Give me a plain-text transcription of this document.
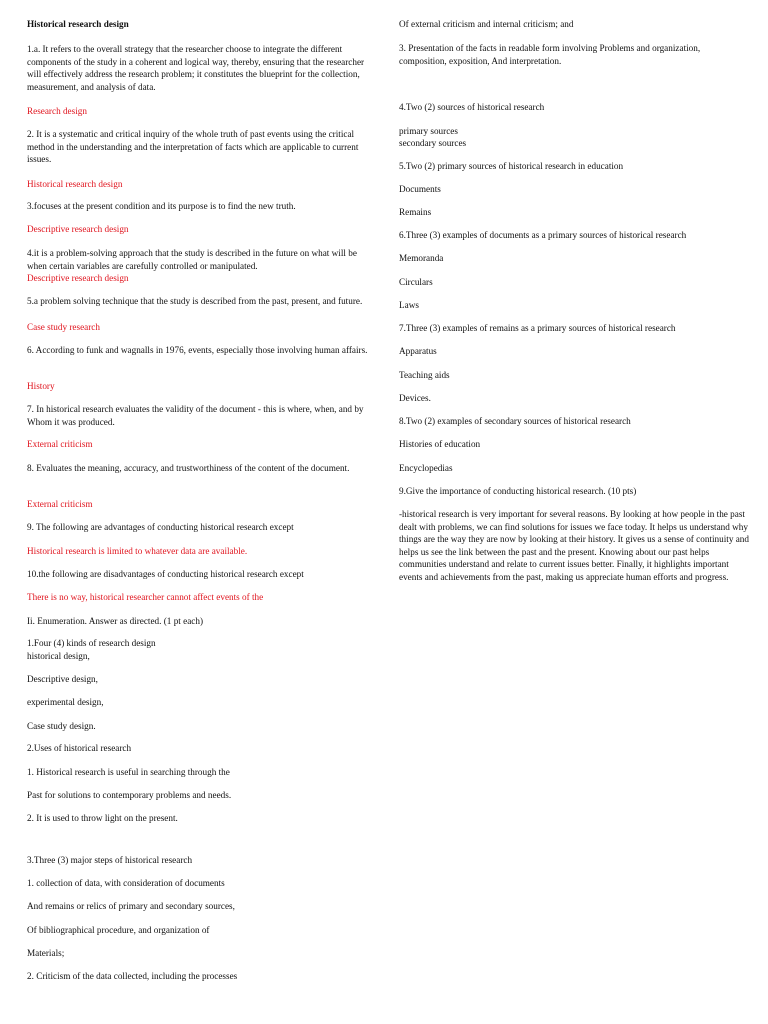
Historical research design

1.a. It refers to the overall strategy that the researcher choose to integrate the different components of the study in a coherent and logical way, thereby, ensuring that the researcher will effectively address the research problem; it constitutes the blueprint for the collection, measurement, and analysis of data.

Research design

2. It is a systematic and critical inquiry of the whole truth of past events using the critical method in the understanding and the interpretation of facts which are applicable to current issues.

Historical research design

3.focuses at the present condition and its purpose is to find the new truth.

Descriptive research design

4.it is a problem-solving approach that the study is described in the future on what will be when certain variables are carefully controlled or manipulated.

Descriptive research design

5.a problem solving technique that the study is described from the past, present, and future.

Case study research

6. According to funk and wagnalls in 1976, events, especially those involving human affairs.

History

7. In historical research evaluates the validity of the document - this is where, when, and by Whom it was produced.

External criticism

8. Evaluates the meaning, accuracy, and trustworthiness of the content of the document.

External criticism

9. The following are advantages of conducting historical research except

Historical research is limited to whatever data are available.

10.the following are disadvantages of conducting historical research except

There is no way, historical researcher cannot affect events of the

Ii. Enumeration. Answer as directed. (1 pt each)

1.Four (4) kinds of research design

historical design,

Descriptive design,

experimental design,

Case study design.

2.Uses of historical research

1. Historical research is useful in searching through the

Past for solutions to contemporary problems and needs.

2. It is used to throw light on the present.

3.Three (3) major steps of historical research

1. collection of data, with consideration of documents

And remains or relics of primary and secondary sources,

Of bibliographical procedure, and organization of

Materials;

2. Criticism of the data collected, including the processes

Of external criticism and internal criticism; and

3. Presentation of the facts in readable form involving Problems and organization, composition, exposition, And interpretation.

4.Two (2) sources of historical research

primary sources

secondary sources

5.Two (2) primary sources of historical research in education

Documents

Remains

6.Three (3) examples of documents as a primary sources of historical research

Memoranda

Circulars

Laws

7.Three (3) examples of remains as a primary sources of historical research

Apparatus

Teaching aids

Devices.

8.Two (2) examples of secondary sources of historical research

Histories of education

Encyclopedias

9.Give the importance of conducting historical research. (10 pts)

-historical research is very important for several reasons. By looking at how people in the past dealt with problems, we can find solutions for issues we face today. It helps us understand why things are the way they are now by looking at their history. It gives us a sense of continuity and helps us see the link between the past and the present. Knowing about our past helps communities understand and relate to current issues better. Finally, it highlights important events and achievements from the past, making us appreciate human efforts and progress.
